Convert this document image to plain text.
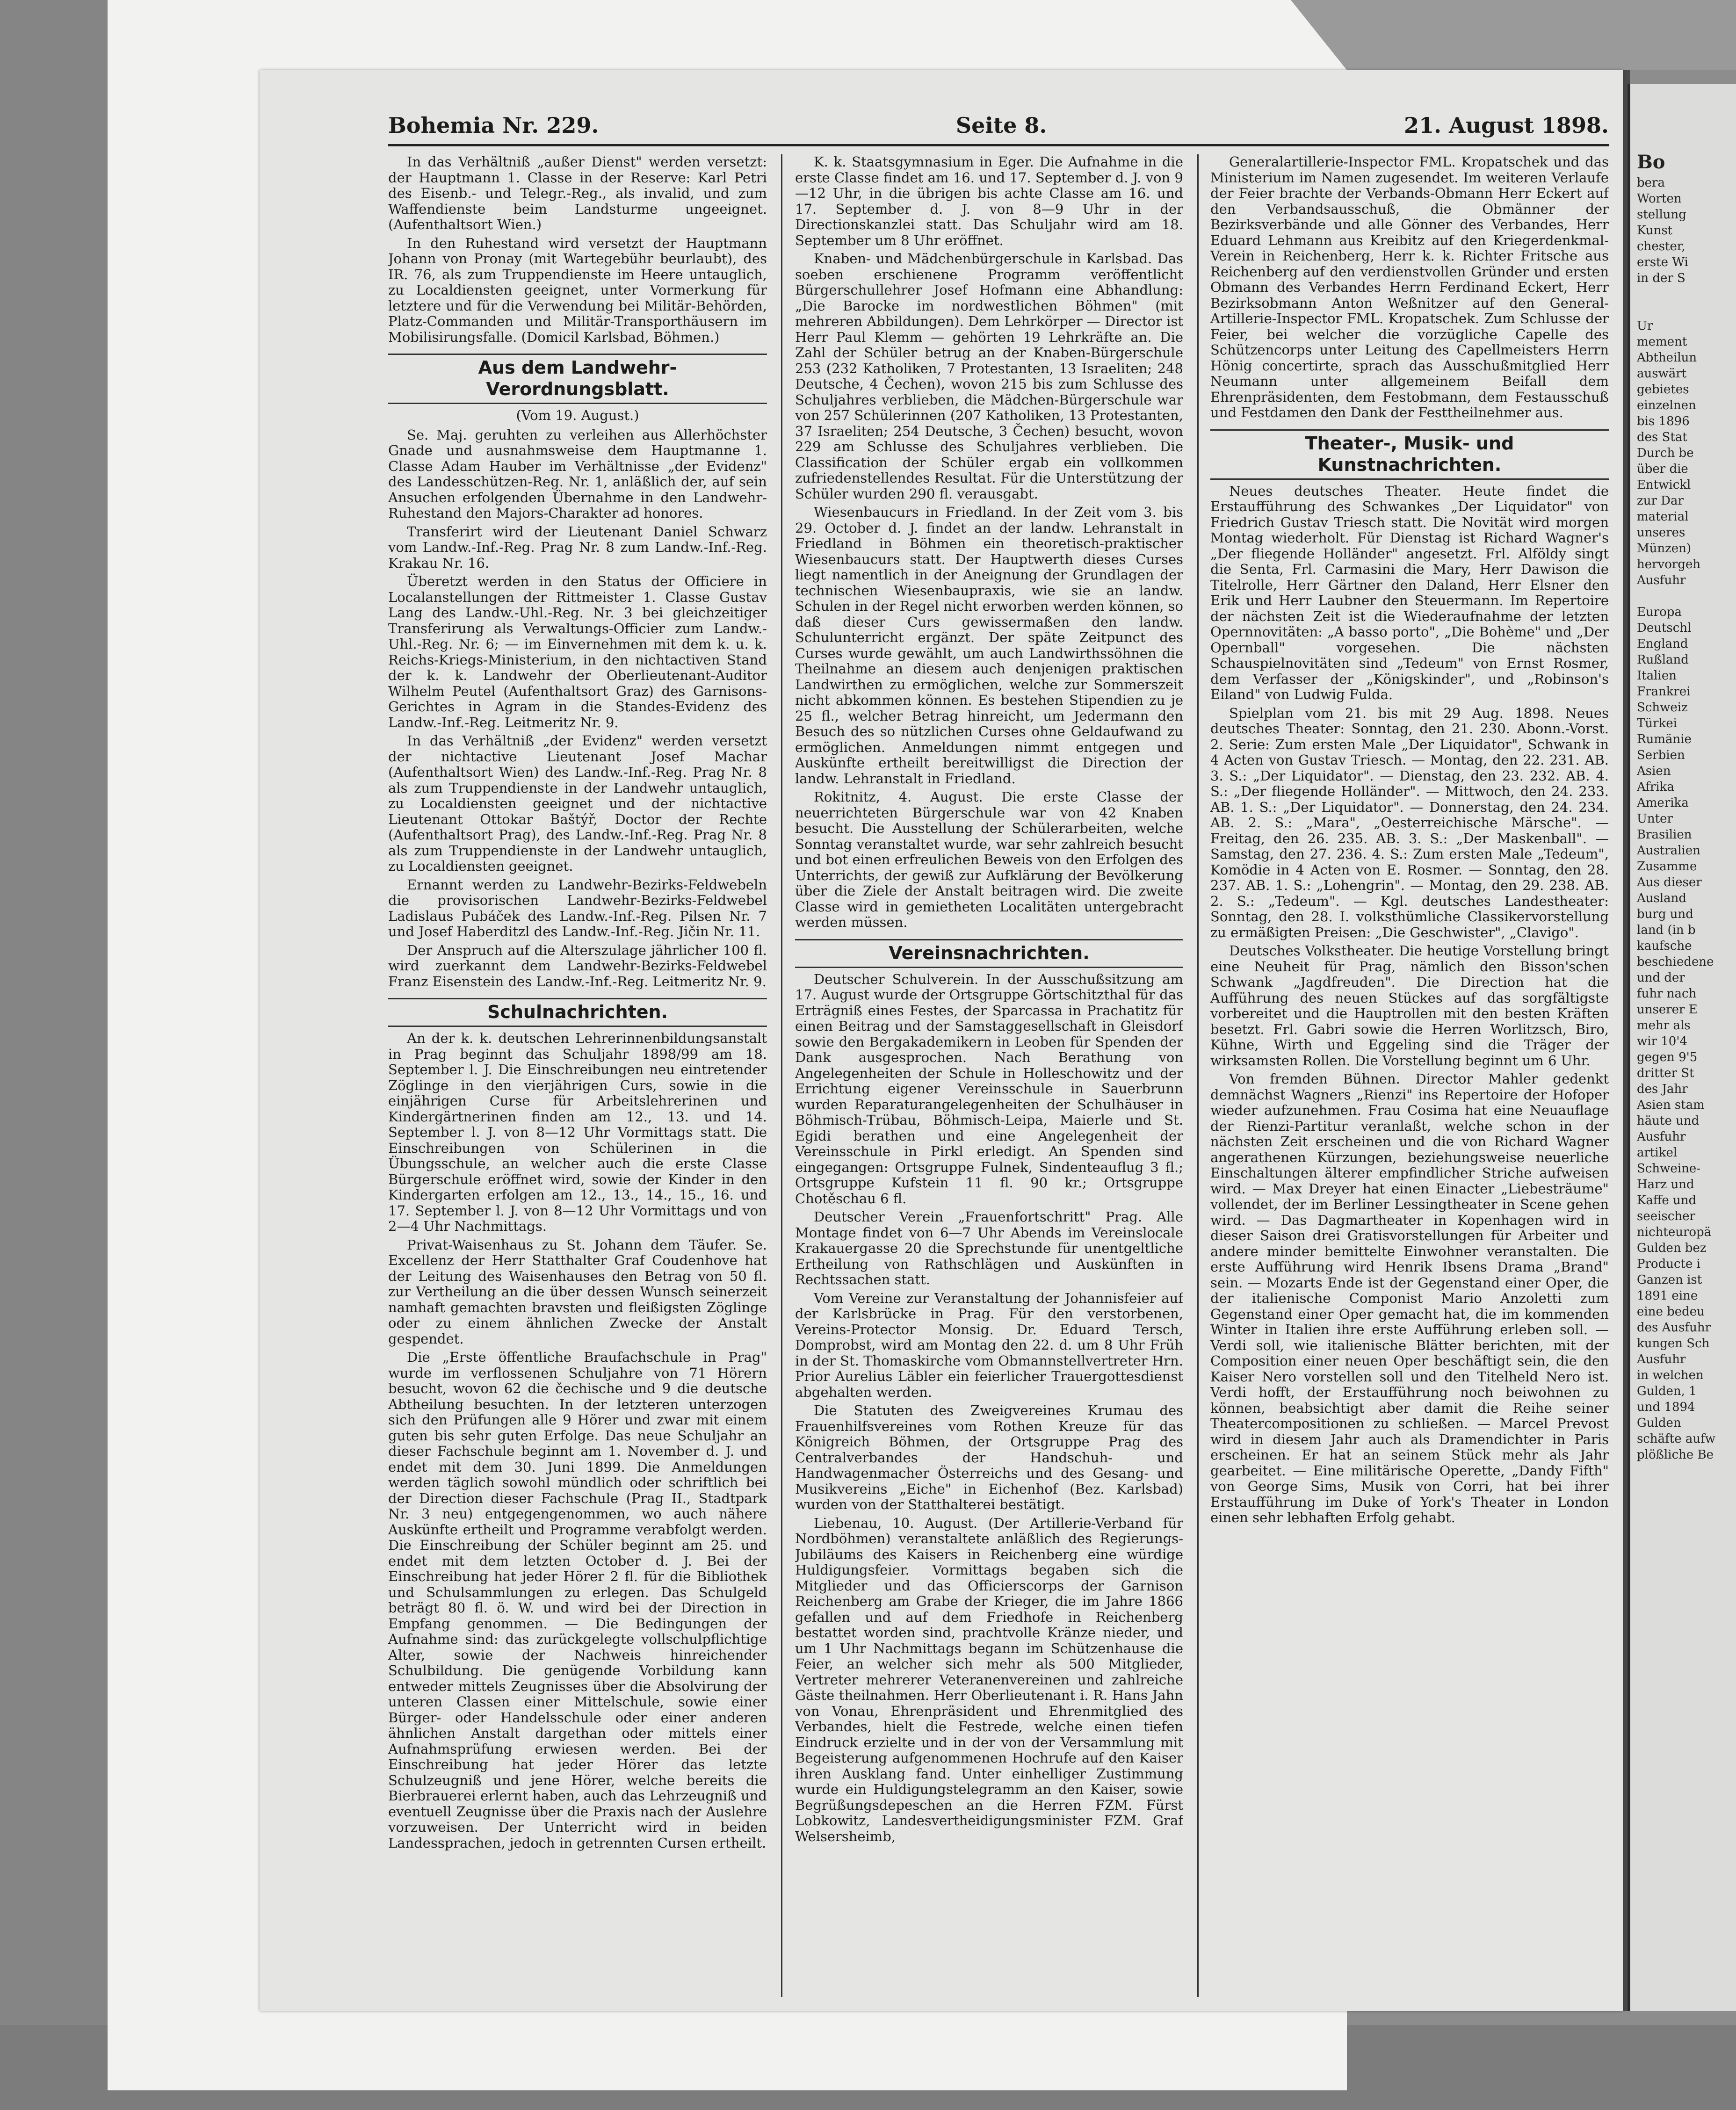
Bohemia Nr. 229.	Seite 8.	21. August 1898.

In das Verhältniß „außer Dienst" werden versetzt: der Hauptmann 1. Classe in der Reserve: Karl Petri des Eisenb.- und Telegr.-Reg., als invalid, und zum Waffendienste beim Landsturme ungeeignet. (Aufenthaltsort Wien.)

In den Ruhestand wird versetzt der Hauptmann Johann von Pronay (mit Wartegebühr beurlaubt), des IR. 76, als zum Truppendienste im Heere untauglich, zu Localdiensten geeignet, unter Vormerkung für letztere und für die Verwendung bei Militär-Behörden, Platz-Commanden und Militär-Transporthäusern im Mobilisirungsfalle. (Domicil Karlsbad, Böhmen.)

Aus dem Landwehr-Verordnungsblatt.
(Vom 19. August.)

Se. Maj. geruhten zu verleihen aus Allerhöchster Gnade und ausnahmsweise dem Hauptmanne 1. Classe Adam Hauber im Verhältnisse „der Evidenz" des Landesschützen-Reg. Nr. 1, anläßlich der, auf sein Ansuchen erfolgenden Übernahme in den Landwehr-Ruhestand den Majors-Charakter ad honores.

Transferirt wird der Lieutenant Daniel Schwarz vom Landw.-Inf.-Reg. Prag Nr. 8 zum Landw.-Inf.-Reg. Krakau Nr. 16.

Überetzt werden in den Status der Officiere in Localanstellungen der Rittmeister 1. Classe Gustav Lang des Landw.-Uhl.-Reg. Nr. 3 bei gleichzeitiger Transferirung als Verwaltungs-Officier zum Landw.-Uhl.-Reg. Nr. 6; — im Einvernehmen mit dem k. u. k. Reichs-Kriegs-Ministerium, in den nichtactiven Stand der k. k. Landwehr der Oberlieutenant-Auditor Wilhelm Peutel (Aufenthaltsort Graz) des Garnisons-Gerichtes in Agram in die Standes-Evidenz des Landw.-Inf.-Reg. Leitmeritz Nr. 9.

In das Verhältniß „der Evidenz" werden versetzt der nichtactive Lieutenant Josef Machar (Aufenthaltsort Wien) des Landw.-Inf.-Reg. Prag Nr. 8 als zum Truppendienste in der Landwehr untauglich, zu Localdiensten geeignet und der nichtactive Lieutenant Ottokar Baštýř, Doctor der Rechte (Aufenthaltsort Prag), des Landw.-Inf.-Reg. Prag Nr. 8 als zum Truppendienste in der Landwehr untauglich, zu Localdiensten geeignet.

Ernannt werden zu Landwehr-Bezirks-Feldwebeln die provisorischen Landwehr-Bezirks-Feldwebel Ladislaus Pubáček des Landw.-Inf.-Reg. Pilsen Nr. 7 und Josef Haberditzl des Landw.-Inf.-Reg. Jičin Nr. 11.

Der Anspruch auf die Alterszulage jährlicher 100 fl. wird zuerkannt dem Landwehr-Bezirks-Feldwebel Franz Eisenstein des Landw.-Inf.-Reg. Leitmeritz Nr. 9.

Schulnachrichten.

An der k. k. deutschen Lehrerinnenbildungsanstalt in Prag beginnt das Schuljahr 1898/99 am 18. September l. J. Die Einschreibungen neu eintretender Zöglinge in den vierjährigen Curs, sowie in die einjährigen Curse für Arbeitslehrerinen und Kindergärtnerinen finden am 12., 13. und 14. September l. J. von 8—12 Uhr Vormittags statt. Die Einschreibungen von Schülerinen in die Übungsschule, an welcher auch die erste Classe Bürgerschule eröffnet wird, sowie der Kinder in den Kindergarten erfolgen am 12., 13., 14., 15., 16. und 17. September l. J. von 8—12 Uhr Vormittags und von 2—4 Uhr Nachmittags.

Privat-Waisenhaus zu St. Johann dem Täufer. Se. Excellenz der Herr Statthalter Graf Coudenhove hat der Leitung des Waisenhauses den Betrag von 50 fl. zur Vertheilung an die über dessen Wunsch seinerzeit namhaft gemachten bravsten und fleißigsten Zöglinge oder zu einem ähnlichen Zwecke der Anstalt gespendet.

Die „Erste öffentliche Braufachschule in Prag" wurde im verflossenen Schuljahre von 71 Hörern besucht, wovon 62 die čechische und 9 die deutsche Abtheilung besuchten. In der letzteren unterzogen sich den Prüfungen alle 9 Hörer und zwar mit einem guten bis sehr guten Erfolge. Das neue Schuljahr an dieser Fachschule beginnt am 1. November d. J. und endet mit dem 30. Juni 1899. Die Anmeldungen werden täglich sowohl mündlich oder schriftlich bei der Direction dieser Fachschule (Prag II., Stadtpark Nr. 3 neu) entgegengenommen, wo auch nähere Auskünfte ertheilt und Programme verabfolgt werden. Die Einschreibung der Schüler beginnt am 25. und endet mit dem letzten October d. J. Bei der Einschreibung hat jeder Hörer 2 fl. für die Bibliothek und Schulsammlungen zu erlegen. Das Schulgeld beträgt 80 fl. ö. W. und wird bei der Direction in Empfang genommen. — Die Bedingungen der Aufnahme sind: das zurückgelegte vollschulpflichtige Alter, sowie der Nachweis hinreichender Schulbildung. Die genügende Vorbildung kann entweder mittels Zeugnisses über die Absolvirung der unteren Classen einer Mittelschule, sowie einer Bürger- oder Handelsschule oder einer anderen ähnlichen Anstalt dargethan oder mittels einer Aufnahmsprüfung erwiesen werden. Bei der Einschreibung hat jeder Hörer das letzte Schulzeugniß und jene Hörer, welche bereits die Bierbrauerei erlernt haben, auch das Lehrzeugniß und eventuell Zeugnisse über die Praxis nach der Auslehre vorzuweisen. Der Unterricht wird in beiden Landessprachen, jedoch in getrennten Cursen ertheilt.

K. k. Staatsgymnasium in Eger. Die Aufnahme in die erste Classe findet am 16. und 17. September d. J. von 9—12 Uhr, in die übrigen bis achte Classe am 16. und 17. September d. J. von 8—9 Uhr in der Directionskanzlei statt. Das Schuljahr wird am 18. September um 8 Uhr eröffnet.

Knaben- und Mädchenbürgerschule in Karlsbad. Das soeben erschienene Programm veröffentlicht Bürgerschullehrer Josef Hofmann eine Abhandlung: „Die Barocke im nordwestlichen Böhmen" (mit mehreren Abbildungen). Dem Lehrkörper — Director ist Herr Paul Klemm — gehörten 19 Lehrkräfte an. Die Zahl der Schüler betrug an der Knaben-Bürgerschule 253 (232 Katholiken, 7 Protestanten, 13 Israeliten; 248 Deutsche, 4 Čechen), wovon 215 bis zum Schlusse des Schuljahres verblieben, die Mädchen-Bürgerschule war von 257 Schülerinnen (207 Katholiken, 13 Protestanten, 37 Israeliten; 254 Deutsche, 3 Čechen) besucht, wovon 229 am Schlusse des Schuljahres verblieben. Die Classification der Schüler ergab ein vollkommen zufriedenstellendes Resultat. Für die Unterstützung der Schüler wurden 290 fl. verausgabt.

Wiesenbaucurs in Friedland. In der Zeit vom 3. bis 29. October d. J. findet an der landw. Lehranstalt in Friedland in Böhmen ein theoretisch-praktischer Wiesenbaucurs statt. Der Hauptwerth dieses Curses liegt namentlich in der Aneignung der Grundlagen der technischen Wiesenbaupraxis, wie sie an landw. Schulen in der Regel nicht erworben werden können, so daß dieser Curs gewissermaßen den landw. Schulunterricht ergänzt. Der späte Zeitpunct des Curses wurde gewählt, um auch Landwirthssöhnen die Theilnahme an diesem auch denjenigen praktischen Landwirthen zu ermöglichen, welche zur Sommerszeit nicht abkommen können. Es bestehen Stipendien zu je 25 fl., welcher Betrag hinreicht, um Jedermann den Besuch des so nützlichen Curses ohne Geldaufwand zu ermöglichen. Anmeldungen nimmt entgegen und Auskünfte ertheilt bereitwilligst die Direction der landw. Lehranstalt in Friedland.

Rokitnitz, 4. August. Die erste Classe der neuerrichteten Bürgerschule war von 42 Knaben besucht. Die Ausstellung der Schülerarbeiten, welche Sonntag veranstaltet wurde, war sehr zahlreich besucht und bot einen erfreulichen Beweis von den Erfolgen des Unterrichts, der gewiß zur Aufklärung der Bevölkerung über die Ziele der Anstalt beitragen wird. Die zweite Classe wird in gemietheten Localitäten untergebracht werden müssen.

Vereinsnachrichten.

Deutscher Schulverein. In der Ausschußsitzung am 17. August wurde der Ortsgruppe Görtschitzthal für das Erträgniß eines Festes, der Sparcassa in Prachatitz für einen Beitrag und der Samstaggesellschaft in Gleisdorf sowie den Bergakademikern in Leoben für Spenden der Dank ausgesprochen. Nach Berathung von Angelegenheiten der Schule in Holleschowitz und der Errichtung eigener Vereinsschule in Sauerbrunn wurden Reparaturangelegenheiten der Schulhäuser in Böhmisch-Trübau, Böhmisch-Leipa, Maierle und St. Egidi berathen und eine Angelegenheit der Vereinsschule in Pirkl erledigt. An Spenden sind eingegangen: Ortsgruppe Fulnek, Sindenteauflug 3 fl.; Ortsgruppe Kufstein 11 fl. 90 kr.; Ortsgruppe Chotěschau 6 fl.

Deutscher Verein „Frauenfortschritt" Prag. Alle Montage findet von 6—7 Uhr Abends im Vereinslocale Krakauergasse 20 die Sprechstunde für unentgeltliche Ertheilung von Rathschlägen und Auskünften in Rechtssachen statt.

Vom Vereine zur Veranstaltung der Johannisfeier auf der Karlsbrücke in Prag. Für den verstorbenen, Vereins-Protector Monsig. Dr. Eduard Tersch, Domprobst, wird am Montag den 22. d. um 8 Uhr Früh in der St. Thomaskirche vom Obmannstellvertreter Hrn. Prior Aurelius Läbler ein feierlicher Trauergottesdienst abgehalten werden.

Die Statuten des Zweigvereines Krumau des Frauenhilfsvereines vom Rothen Kreuze für das Königreich Böhmen, der Ortsgruppe Prag des Centralverbandes der Handschuh- und Handwagenmacher Österreichs und des Gesang- und Musikvereins „Eiche" in Eichenhof (Bez. Karlsbad) wurden von der Statthalterei bestätigt.

Liebenau, 10. August. (Der Artillerie-Verband für Nordböhmen) veranstaltete anläßlich des Regierungs-Jubiläums des Kaisers in Reichenberg eine würdige Huldigungsfeier. Vormittags begaben sich die Mitglieder und das Officierscorps der Garnison Reichenberg am Grabe der Krieger, die im Jahre 1866 gefallen und auf dem Friedhofe in Reichenberg bestattet worden sind, prachtvolle Kränze nieder, und um 1 Uhr Nachmittags begann im Schützenhause die Feier, an welcher sich mehr als 500 Mitglieder, Vertreter mehrerer Veteranenvereinen und zahlreiche Gäste theilnahmen. Herr Oberlieutenant i. R. Hans Jahn von Vonau, Ehrenpräsident und Ehrenmitglied des Verbandes, hielt die Festrede, welche einen tiefen Eindruck erzielte und in der von der Versammlung mit Begeisterung aufgenommenen Hochrufe auf den Kaiser ihren Ausklang fand. Unter einhelliger Zustimmung wurde ein Huldigungstelegramm an den Kaiser, sowie Begrüßungsdepeschen an die Herren FZM. Fürst Lobkowitz, Landesvertheidigungsminister FZM. Graf Welsersheimb,

Generalartillerie-Inspector FML. Kropatschek und das Ministerium im Namen zugesendet. Im weiteren Verlaufe der Feier brachte der Verbands-Obmann Herr Eckert auf den Verbandsausschuß, die Obmänner der Bezirksverbände und alle Gönner des Verbandes, Herr Eduard Lehmann aus Kreibitz auf den Kriegerdenkmal-Verein in Reichenberg, Herr k. k. Richter Fritsche aus Reichenberg auf den verdienstvollen Gründer und ersten Obmann des Verbandes Herrn Ferdinand Eckert, Herr Bezirksobmann Anton Weßnitzer auf den General-Artillerie-Inspector FML. Kropatschek. Zum Schlusse der Feier, bei welcher die vorzügliche Capelle des Schützencorps unter Leitung des Capellmeisters Herrn Hönig concertirte, sprach das Ausschußmitglied Herr Neumann unter allgemeinem Beifall dem Ehrenpräsidenten, dem Festobmann, dem Festausschuß und Festdamen den Dank der Festtheilnehmer aus.

Theater-, Musik- und Kunstnachrichten.

Neues deutsches Theater. Heute findet die Erstaufführung des Schwankes „Der Liquidator" von Friedrich Gustav Triesch statt. Die Novität wird morgen Montag wiederholt. Für Dienstag ist Richard Wagner's „Der fliegende Holländer" angesetzt. Frl. Alföldy singt die Senta, Frl. Carmasini die Mary, Herr Dawison die Titelrolle, Herr Gärtner den Daland, Herr Elsner den Erik und Herr Laubner den Steuermann. Im Repertoire der nächsten Zeit ist die Wiederaufnahme der letzten Opernnovitäten: „A basso porto", „Die Bohème" und „Der Opernball" vorgesehen. Die nächsten Schauspielnovitäten sind „Tedeum" von Ernst Rosmer, dem Verfasser der „Königskinder", und „Robinson's Eiland" von Ludwig Fulda.

Spielplan vom 21. bis mit 29 Aug. 1898. Neues deutsches Theater: Sonntag, den 21. 230. Abonn.-Vorst. 2. Serie: Zum ersten Male „Der Liquidator", Schwank in 4 Acten von Gustav Triesch. — Montag, den 22. 231. AB. 3. S.: „Der Liquidator". — Dienstag, den 23. 232. AB. 4. S.: „Der fliegende Holländer". — Mittwoch, den 24. 233. AB. 1. S.: „Der Liquidator". — Donnerstag, den 24. 234. AB. 2. S.: „Mara", „Oesterreichische Märsche". — Freitag, den 26. 235. AB. 3. S.: „Der Maskenball". — Samstag, den 27. 236. 4. S.: Zum ersten Male „Tedeum", Komödie in 4 Acten von E. Rosmer. — Sonntag, den 28. 237. AB. 1. S.: „Lohengrin". — Montag, den 29. 238. AB. 2. S.: „Tedeum". — Kgl. deutsches Landestheater: Sonntag, den 28. I. volksthümliche Classikervorstellung zu ermäßigten Preisen: „Die Geschwister", „Clavigo".

Deutsches Volkstheater. Die heutige Vorstellung bringt eine Neuheit für Prag, nämlich den Bisson'schen Schwank „Jagdfreuden". Die Direction hat die Aufführung des neuen Stückes auf das sorgfältigste vorbereitet und die Hauptrollen mit den besten Kräften besetzt. Frl. Gabri sowie die Herren Worlitzsch, Biro, Kühne, Wirth und Eggeling sind die Träger der wirksamsten Rollen. Die Vorstellung beginnt um 6 Uhr.

Von fremden Bühnen. Director Mahler gedenkt demnächst Wagners „Rienzi" ins Repertoire der Hofoper wieder aufzunehmen. Frau Cosima hat eine Neuauflage der Rienzi-Partitur veranlaßt, welche schon in der nächsten Zeit erscheinen und die von Richard Wagner angerathenen Kürzungen, beziehungsweise neuerliche Einschaltungen älterer empfindlicher Striche aufweisen wird. — Max Dreyer hat einen Einacter „Liebesträume" vollendet, der im Berliner Lessingtheater in Scene gehen wird. — Das Dagmartheater in Kopenhagen wird in dieser Saison drei Gratisvorstellungen für Arbeiter und andere minder bemittelte Einwohner veranstalten. Die erste Aufführung wird Henrik Ibsens Drama „Brand" sein. — Mozarts Ende ist der Gegenstand einer Oper, die der italienische Componist Mario Anzoletti zum Gegenstand einer Oper gemacht hat, die im kommenden Winter in Italien ihre erste Aufführung erleben soll. — Verdi soll, wie italienische Blätter berichten, mit der Composition einer neuen Oper beschäftigt sein, die den Kaiser Nero vorstellen soll und den Titelheld Nero ist. Verdi hofft, der Erstaufführung noch beiwohnen zu können, beabsichtigt aber damit die Reihe seiner Theatercompositionen zu schließen. — Marcel Prevost wird in diesem Jahr auch als Dramendichter in Paris erscheinen. Er hat an seinem Stück mehr als Jahr gearbeitet. — Eine militärische Operette, „Dandy Fifth" von George Sims, Musik von Corri, hat bei ihrer Erstaufführung im Duke of York's Theater in London einen sehr lebhaften Erfolg gehabt.

Bo
bera
Worten
stellung
Kunst
chester,
erste Wi
in der S

Ur
mement
Abtheilun
auswärt
gebietes
einzelnen
bis 1896
des Stat
Durch be
über die
Entwickl
zur Dar
material
unseres
Münzen)
hervorgeh
Ausfuhr

Europa
Deutschl
England
Rußland
Italien
Frankrei
Schweiz
Türkei
Rumänie
Serbien
Asien
Afrika
Amerika
Unter
Brasilien
Australien
Zusamme
Aus dieser
Ausland
burg und
land (in b
kaufsche
beschiedene
und der
fuhr nach
unserer E
mehr als
wir 10'4
gegen 9'5
dritter St
des Jahr
Asien stam
häute und
Ausfuhr
artikel
Schweine-
Harz und
Kaffe und
seeischer
nichteuropä
Gulden bez
Producte i
Ganzen ist
1891 eine
eine bedeu
des Ausfuhr
kungen Sch
Ausfuhr
in welchen
Gulden, 1
und 1894
Gulden
schäfte aufw
plößliche Be
